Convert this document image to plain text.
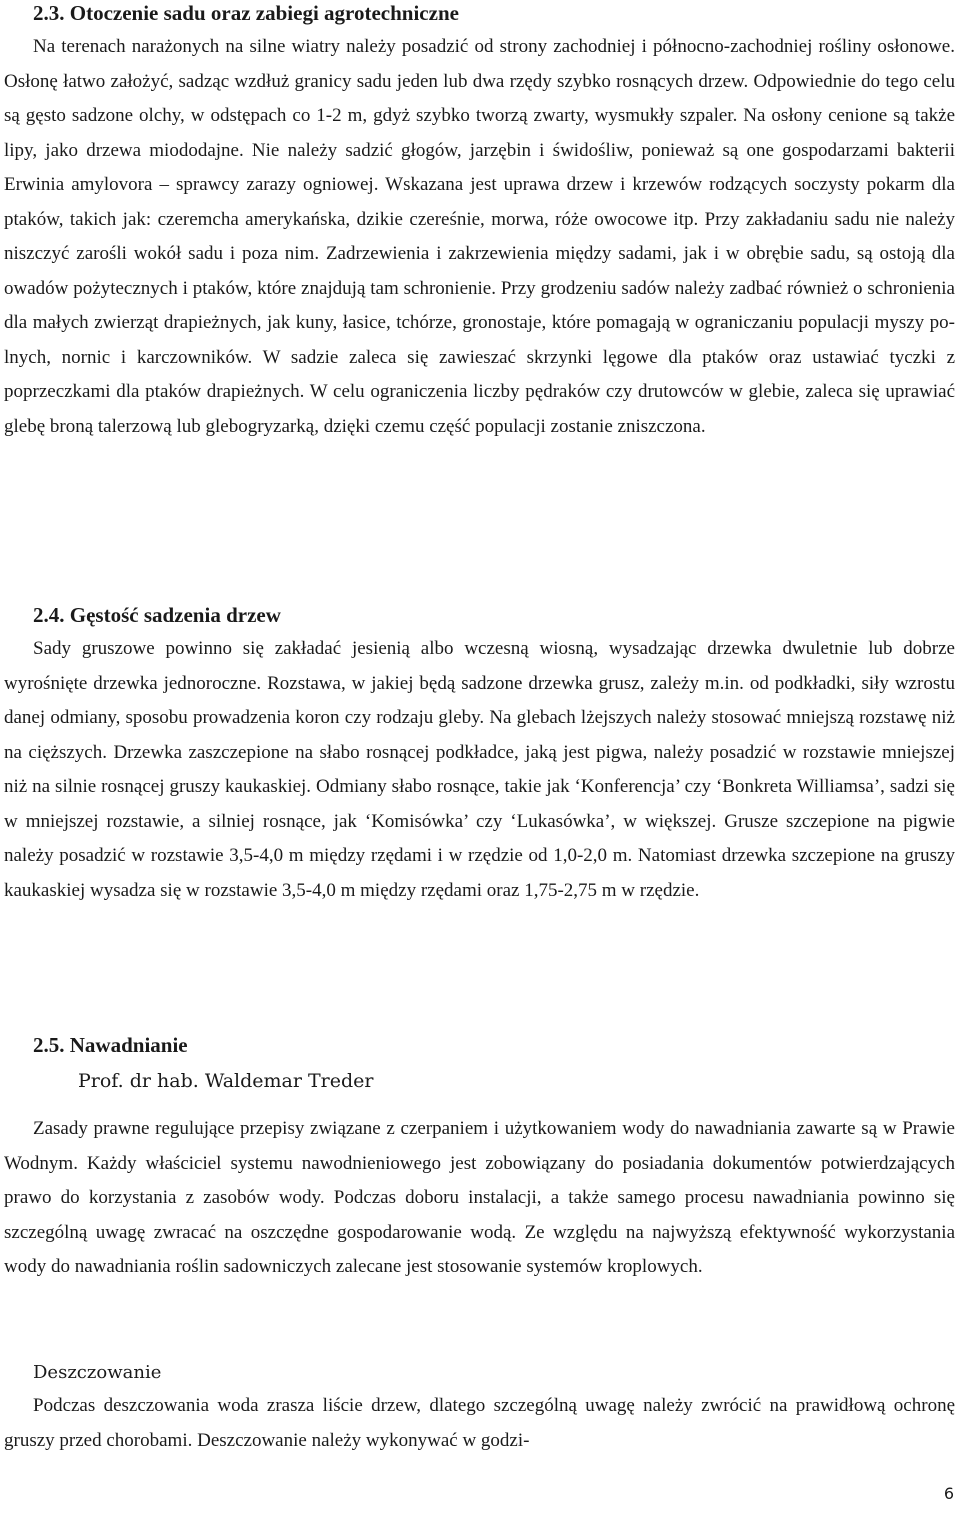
2.3. Otoczenie sadu oraz zabiegi agrotechniczne

Na terenach narażonych na silne wiatry należy posadzić od strony zachodniej i północno-zachodniej rośliny osłonowe. Osłonę łatwo założyć, sadząc wzdłuż granicy sadu jeden lub dwa rzędy szybko rosnących drzew. Odpowiednie do tego celu są gęsto sadzone olchy, w odstępach co 1-2 m, gdyż szybko tworzą zwarty, wysmukły szpaler. Na osłony cenione są także lipy, jako drzewa miododajne. Nie należy sadzić głogów, jarzębin i świdośliw, ponieważ są one gospodarzami bakterii Erwinia amylovora – sprawcy zarazy ogniowej. Wskazana jest uprawa drzew i krzewów rodzących soczysty pokarm dla ptaków, takich jak: czeremcha amerykańska, dzikie czereśnie, morwa, róże owocowe itp. Przy zakładaniu sadu nie należy niszczyć zarośli wokół sadu i poza nim. Zadrzewienia i zakrzewienia między sadami, jak i w obrębie sadu, są ostoją dla owadów pożytecznych i ptaków, które znajdują tam schronienie. Przy grodzeniu sadów należy zadbać również o schronienia dla małych zwierząt drapieżnych, jak kuny, łasice, tchórze, gronostaje, które pomagają w ograniczaniu populacji myszy polnych, nornic i karczowników. W sadzie zaleca się zawieszać skrzynki lęgowe dla ptaków oraz ustawiać tyczki z poprzeczkami dla ptaków drapieżnych. W celu ograniczenia liczby pędraków czy drutowców w glebie, zaleca się uprawiać glebę broną talerzową lub glebogryzarką, dzięki czemu część populacji zostanie zniszczona.

2.4. Gęstość sadzenia drzew

Sady gruszowe powinno się zakładać jesienią albo wczesną wiosną, wysadzając drzewka dwuletnie lub dobrze wyrośnięte drzewka jednoroczne. Rozstawa, w jakiej będą sadzone drzewka grusz, zależy m.in. od podkładki, siły wzrostu danej odmiany, sposobu prowadzenia koron czy rodzaju gleby. Na glebach lżejszych należy stosować mniejszą rozstawę niż na cięższych. Drzewka zaszczepione na słabo rosnącej podkładce, jaką jest pigwa, należy posadzić w rozstawie mniejszej niż na silnie rosnącej gruszy kaukaskiej. Odmiany słabo rosnące, takie jak ‘Konferencja’ czy ‘Bonkreta Williamsa’, sadzi się w mniejszej rozstawie, a silniej rosnące, jak ‘Komisówka’ czy ‘Lukasówka’, w większej. Grusze szczepione na pigwie należy posadzić w rozstawie 3,5-4,0 m między rzędami i w rzędzie od 1,0-2,0 m. Natomiast drzewka szczepione na gruszy kaukaskiej wysadza się w rozstawie 3,5-4,0 m między rzędami oraz 1,75-2,75 m w rzędzie.

2.5. Nawadnianie
Prof. dr hab. Waldemar Treder

Zasady prawne regulujące przepisy związane z czerpaniem i użytkowaniem wody do nawadniania zawarte są w Prawie Wodnym. Każdy właściciel systemu nawodnieniowego jest zobowiązany do posiadania dokumentów potwierdzających prawo do korzystania z zasobów wody. Podczas doboru instalacji, a także samego procesu nawadniania powinno się szczególną uwagę zwracać na oszczędne gospodarowanie wodą. Ze względu na najwyższą efektywność wykorzystania wody do nawadniania roślin sadowniczych zalecane jest stosowanie systemów kroplowych.

Deszczowanie

Podczas deszczowania woda zrasza liście drzew, dlatego szczególną uwagę należy zwrócić na prawidłową ochronę gruszy przed chorobami. Deszczowanie należy wykonywać w godzi-

6
